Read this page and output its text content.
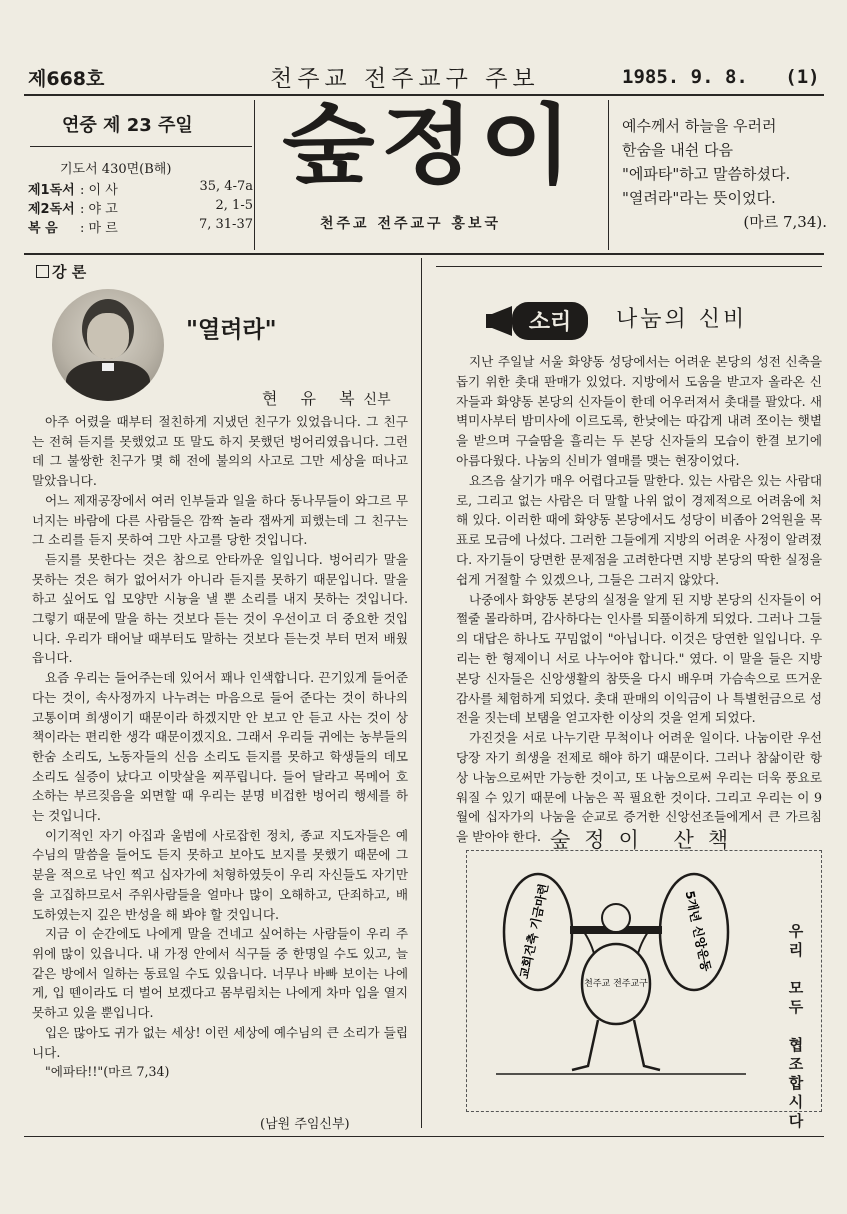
제668호	천주교 전주교구 주보	1985. 9. 8. (1)
연중 제 23 주일
기도서 430면(B해)
제1독서 : 이 사	35, 4-7a
제2독서 : 야 고	2, 1-5
복 음	: 마 르	7, 31-37
숲정이
천주교 전주교구 홍보국
예수께서 하늘을 우러러
한숨을 내쉰 다음
"에파타"하고 말씀하셨다.
"열려라"라는 뜻이었다.
(마르 7,34).
강 론
"열려라"
현 유 복신부

아주 어렸을 때부터 절친하게 지냈던 친구가 있었읍니다. 그 친구는 전혀 듣지를 못했었고 또 말도 하지 못했던 벙어리였읍니다. 그런데 그 불쌍한 친구가 몇 해 전에 불의의 사고로 그만 세상을 떠나고 말았읍니다.

어느 제재공장에서 여러 인부들과 일을 하다 동나무들이 와그르 무너지는 바람에 다른 사람들은 깜짝 놀라 잽싸게 피했는데 그 친구는 그 소리를 듣지 못하여 그만 사고를 당한 것입니다.

듣지를 못한다는 것은 참으로 안타까운 일입니다. 벙어리가 말을 못하는 것은 혀가 없어서가 아니라 듣지를 못하기 때문입니다. 말을 하고 싶어도 입 모양만 시늉을 낼 뿐 소리를 내지 못하는 것입니다. 그렇기 때문에 말을 하는 것보다 듣는 것이 우선이고 더 중요한 것입니다. 우리가 태어날 때부터도 말하는 것보다 듣는것 부터 먼저 배웠읍니다.

요즘 우리는 들어주는데 있어서 꽤나 인색합니다. 끈기있게 들어준다는 것이, 속사정까지 나누려는 마음으로 들어 준다는 것이 하나의 고통이며 희생이기 때문이라 하겠지만 안 보고 안 듣고 사는 것이 상책이라는 편리한 생각 때문이겠지요. 그래서 우리들 귀에는 농부들의 한숨 소리도, 노동자들의 신음 소리도 듣지를 못하고 학생들의 데모 소리도 실증이 났다고 이맛살을 찌푸립니다. 들어 달라고 목메어 호소하는 부르짖음을 외면할 때 우리는 분명 비겁한 벙어리 행세를 하는 것입니다.

이기적인 자기 아집과 울범에 사로잡힌 정치, 종교 지도자들은 예수님의 말씀을 들어도 듣지 못하고 보아도 보지를 못했기 때문에 그분을 적으로 낙인 찍고 십자가에 처형하였듯이 우리 자신들도 자기만을 고집하므로서 주위사람들을 얼마나 많이 오해하고, 단죄하고, 배도하였는지 깊은 반성을 해 봐야 할 것입니다.

지금 이 순간에도 나에게 말을 건네고 싶어하는 사람들이 우리 주위에 많이 있읍니다. 내 가정 안에서 식구들 중 한명일 수도 있고, 늘 같은 방에서 일하는 동료일 수도 있읍니다. 너무나 바빠 보이는 나에게, 입 뗀이라도 더 벌어 보겠다고 몸부림치는 나에게 차마 입을 열지 못하고 있을 뿐입니다.

입은 많아도 귀가 없는 세상! 이런 세상에 예수님의 큰 소리가 들립니다.

"에파타!!"(마르 7,34)

(남원 주임신부)
소리 나눔의 신비

지난 주일날 서울 화양동 성당에서는 어려운 본당의 성전 신축을 돕기 위한 촛대 판매가 있었다. 지방에서 도움을 받고자 올라온 신자들과 화양동 본당의 신자들이 한데 어우러져서 촛대를 팔았다. 새벽미사부터 밤미사에 이르도록, 한낮에는 따갑게 내려 쪼이는 햇볕을 받으며 구슬땀을 흘리는 두 본당 신자들의 모습이 한결 보기에 아름다웠다. 나눔의 신비가 열매를 맺는 현장이었다.

요즈음 살기가 매우 어렵다고들 말한다. 있는 사람은 있는 사람대로, 그리고 없는 사람은 더 말할 나위 없이 경제적으로 어려움에 처해 있다. 이러한 때에 화양동 본당에서도 성당이 비좁아 2억원을 목표로 모금에 나섰다. 그러한 그들에게 지방의 어려운 사정이 알려졌다. 자기들이 당면한 문제점을 고려한다면 지방 본당의 딱한 실정을 쉽게 거절할 수 있겠으나, 그들은 그러지 않았다.

나중에사 화양동 본당의 실정을 알게 된 지방 본당의 신자들이 어쩔줄 몰라하며, 감사하다는 인사를 되풀이하게 되었다. 그러나 그들의 대답은 하나도 꾸밈없이 "아닙니다. 이것은 당연한 일입니다. 우리는 한 형제이니 서로 나누어야 합니다." 였다. 이 말을 들은 지방 본당 신자들은 신앙생활의 참뜻을 다시 배우며 가슴속으로 뜨거운 감사를 체험하게 되었다. 촛대 판매의 이익금이 나 특별헌금으로 성전을 짓는데 보탬을 얻고자한 이상의 것을 얻게 되었다.

가진것을 서로 나누기란 무척이나 어려운 일이다. 나눔이란 우선 당장 자기 희생을 전제로 해야 하기 때문이다. 그러나 참삶이란 항상 나눔으로써만 가능한 것이고, 또 나눔으로써 우리는 더욱 풍요로워질 수 있기 때문에 나눔은 꼭 필요한 것이다. 그리고 우리는 이 9월에 십자가의 나눔을 순교로 증거한 신앙선조들에게서 큰 가르침을 받아야 한다. 숲정이 산책
교회건축 기금마련	5개년 신앙운동
천주교 전주교구
우
리

모
두

협
조
합
시
다
